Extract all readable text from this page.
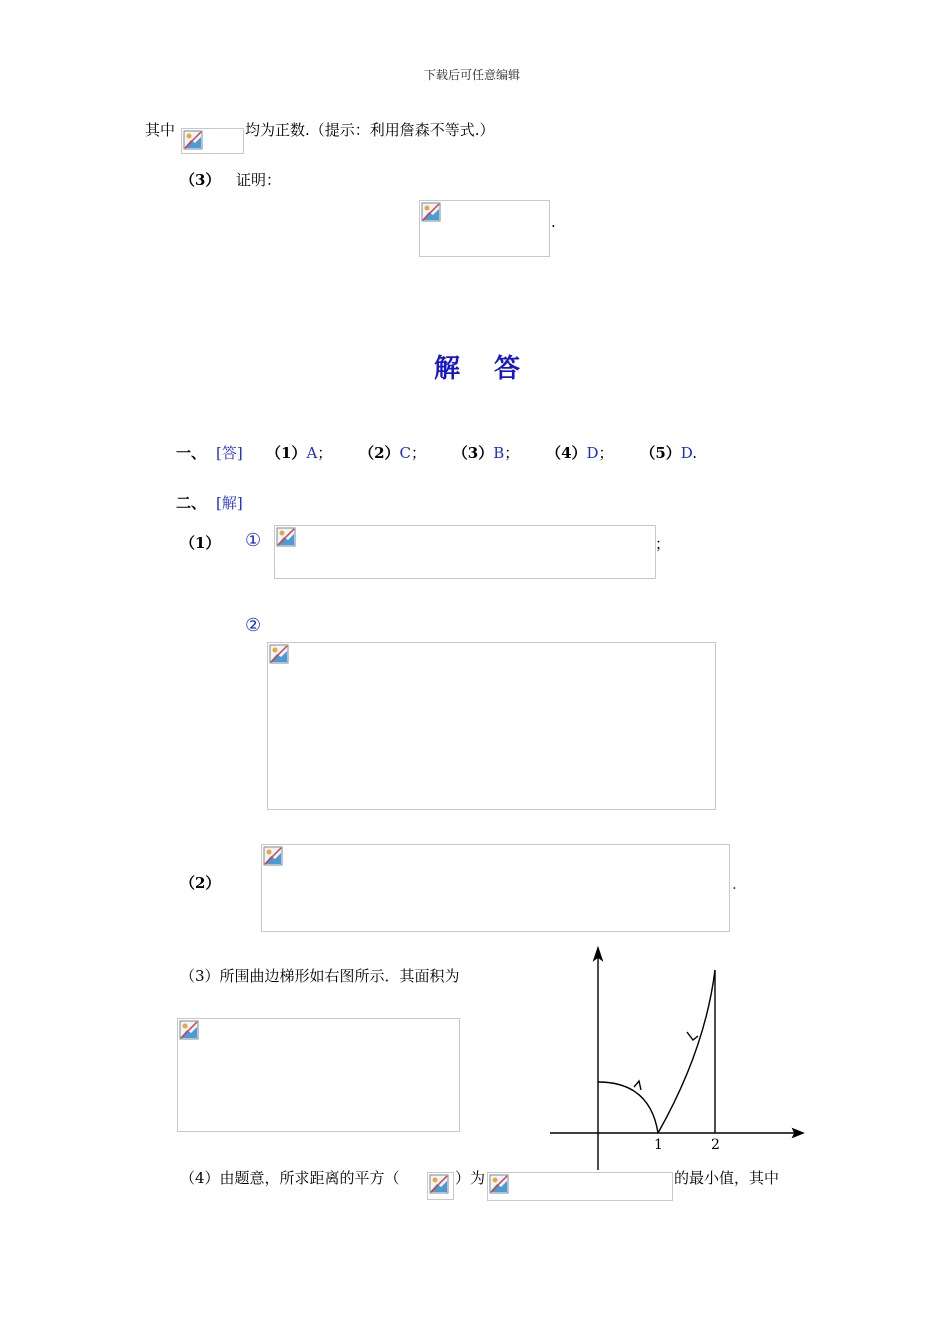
下载后可任意编辑
其中	均为正数.（提示：利用詹森不等式.）
（3） 证明：
.
解答
一、 [答] （1）A； （2）C； （3）B； （4）D； （5）D.
二、 [解]
（1） ①	；
②
（2）	.
（3）所围曲边梯形如右图所示．其面积为
1	2
（4）由题意，所求距离的平方（	）为	的最小值，其中
